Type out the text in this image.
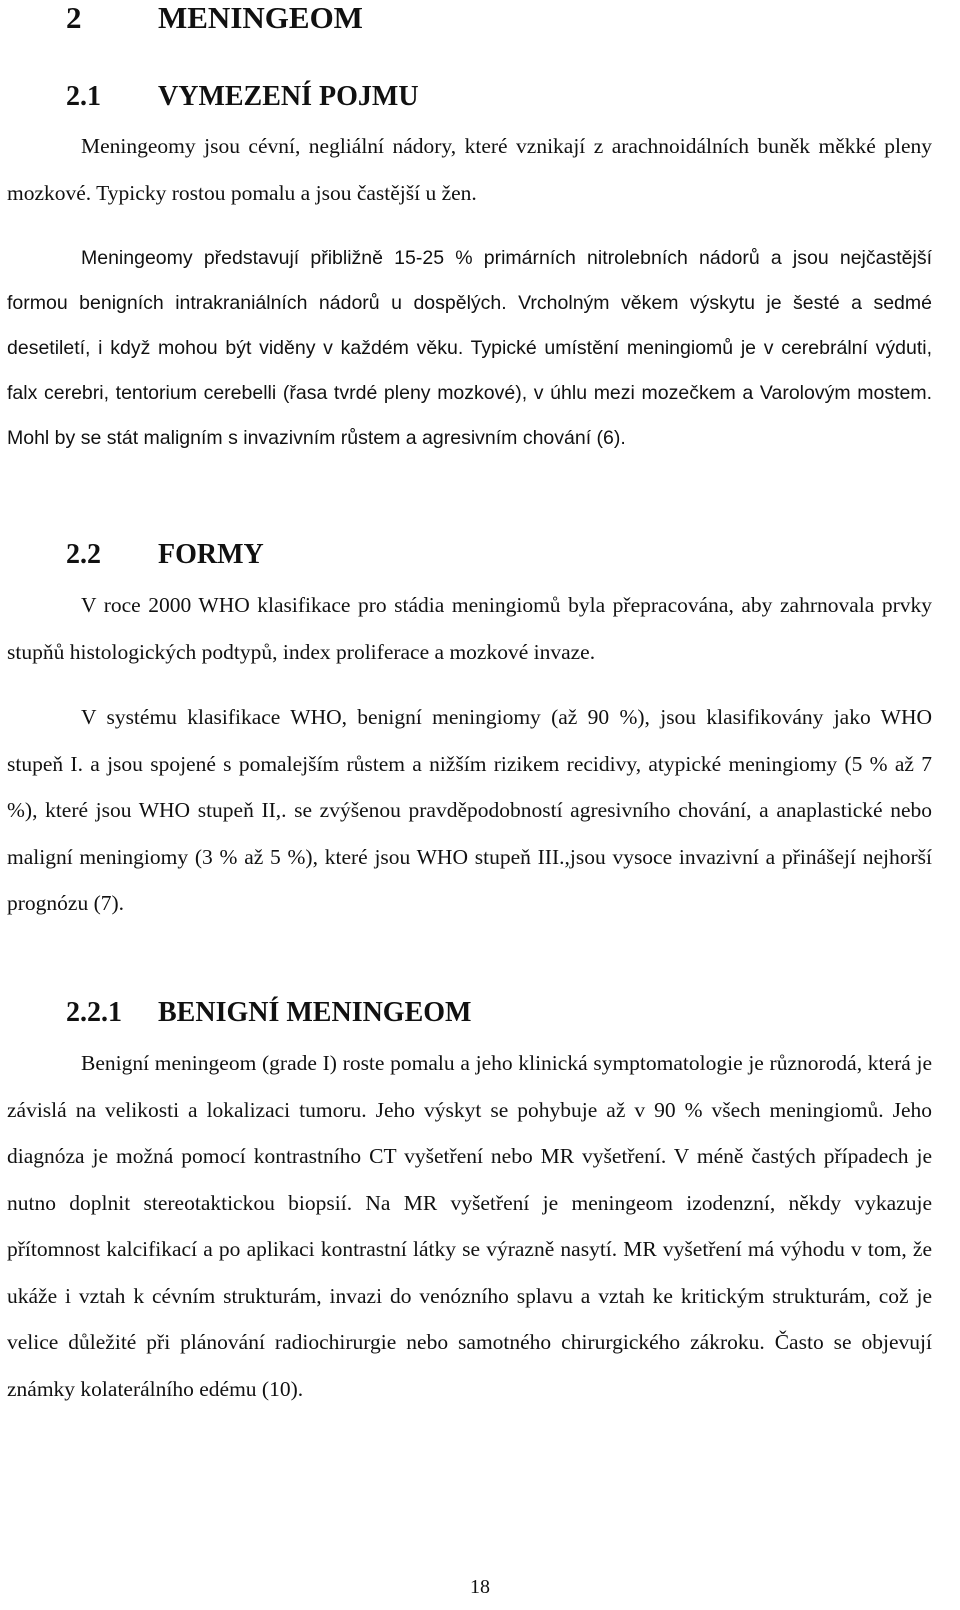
2 MENINGEOM
2.1 VYMEZENÍ POJMU

Meningeomy jsou cévní, negliální nádory, které vznikají z arachnoidálních buněk měkké pleny mozkové. Typicky rostou pomalu a jsou častější u žen.

Meningeomy představují přibližně 15-25 % primárních nitrolebních nádorů a jsou nejčastější formou benigních intrakraniálních nádorů u dospělých. Vrcholným věkem výskytu je šesté a sedmé desetiletí, i když mohou být viděny v každém věku. Typické umístění meningiomů je v cerebrální výduti, falx cerebri, tentorium cerebelli (řasa tvrdé pleny mozkové), v úhlu mezi mozečkem a Varolovým mostem. Mohl by se stát maligním s invazivním růstem a agresivním chování (6).

2.2 FORMY

V roce 2000 WHO klasifikace pro stádia meningiomů byla přepracována, aby zahrnovala prvky stupňů histologických podtypů, index proliferace a mozkové invaze.

V systému klasifikace WHO, benigní meningiomy (až 90 %), jsou klasifikovány jako WHO stupeň I. a jsou spojené s pomalejším růstem a nižším rizikem recidivy, atypické meningiomy (5 % až 7 %), které jsou WHO stupeň II,. se zvýšenou pravděpodobností agresivního chování, a anaplastické nebo maligní meningiomy (3 % až 5 %), které jsou WHO stupeň III.,jsou vysoce invazivní a přinášejí nejhorší prognózu (7).

2.2.1 BENIGNÍ MENINGEOM

Benigní meningeom (grade I) roste pomalu a jeho klinická symptomatologie je různorodá, která je závislá na velikosti a lokalizaci tumoru. Jeho výskyt se pohybuje až v 90 % všech meningiomů. Jeho diagnóza je možná pomocí kontrastního CT vyšetření nebo MR vyšetření. V méně častých případech je nutno doplnit stereotaktickou biopsií. Na MR vyšetření je meningeom izodenzní, někdy vykazuje přítomnost kalcifikací a po aplikaci kontrastní látky se výrazně nasytí. MR vyšetření má výhodu v tom, že ukáže i vztah k cévním strukturám, invazi do venózního splavu a vztah ke kritickým strukturám, což je velice důležité při plánování radiochirurgie nebo samotného chirurgického zákroku. Často se objevují známky kolaterálního edému (10).

18
